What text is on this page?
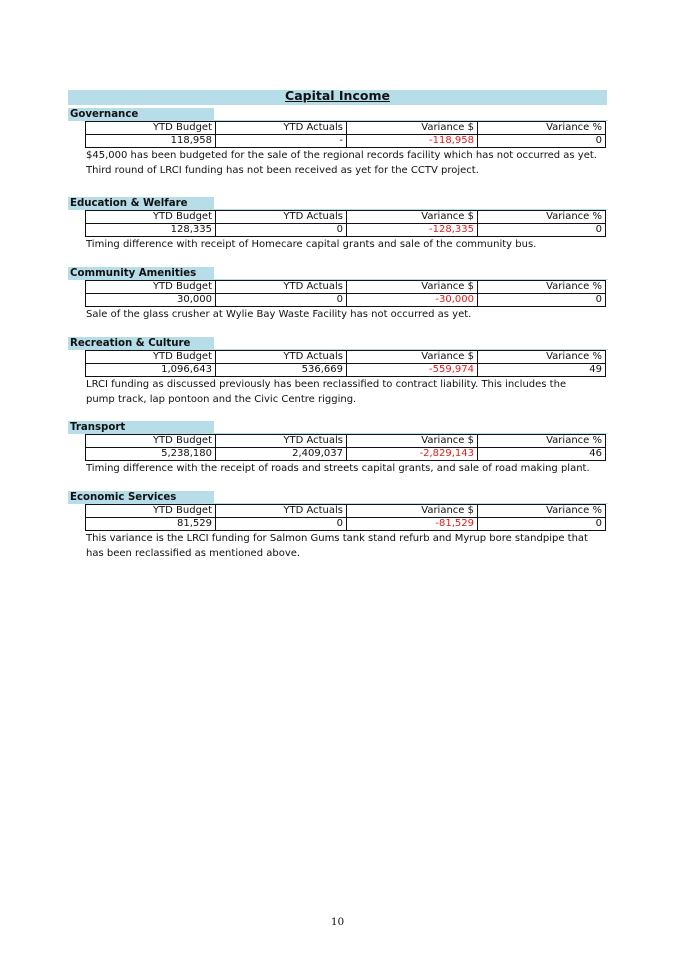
Capital Income
Governance
YTD Budget	YTD Actuals	Variance $	Variance %
118,958	-	-118,958	0
$45,000 has been budgeted for the sale of the regional records facility which has not occurred as yet.
Third round of LRCI funding has not been received as yet for the CCTV project.
Education & Welfare
YTD Budget	YTD Actuals	Variance $	Variance %
128,335	0	-128,335	0
Timing difference with receipt of Homecare capital grants and sale of the community bus.
Community Amenities
YTD Budget	YTD Actuals	Variance $	Variance %
30,000	0	-30,000	0
Sale of the glass crusher at Wylie Bay Waste Facility has not occurred as yet.
Recreation & Culture
YTD Budget	YTD Actuals	Variance $	Variance %
1,096,643	536,669	-559,974	49
LRCI funding as discussed previously has been reclassified to contract liability. This includes the
pump track, lap pontoon and the Civic Centre rigging.
Transport
YTD Budget	YTD Actuals	Variance $	Variance %
5,238,180	2,409,037	-2,829,143	46
Timing difference with the receipt of roads and streets capital grants, and sale of road making plant.
Economic Services
YTD Budget	YTD Actuals	Variance $	Variance %
81,529	0	-81,529	0
This variance is the LRCI funding for Salmon Gums tank stand refurb and Myrup bore standpipe that
has been reclassified as mentioned above.
10
